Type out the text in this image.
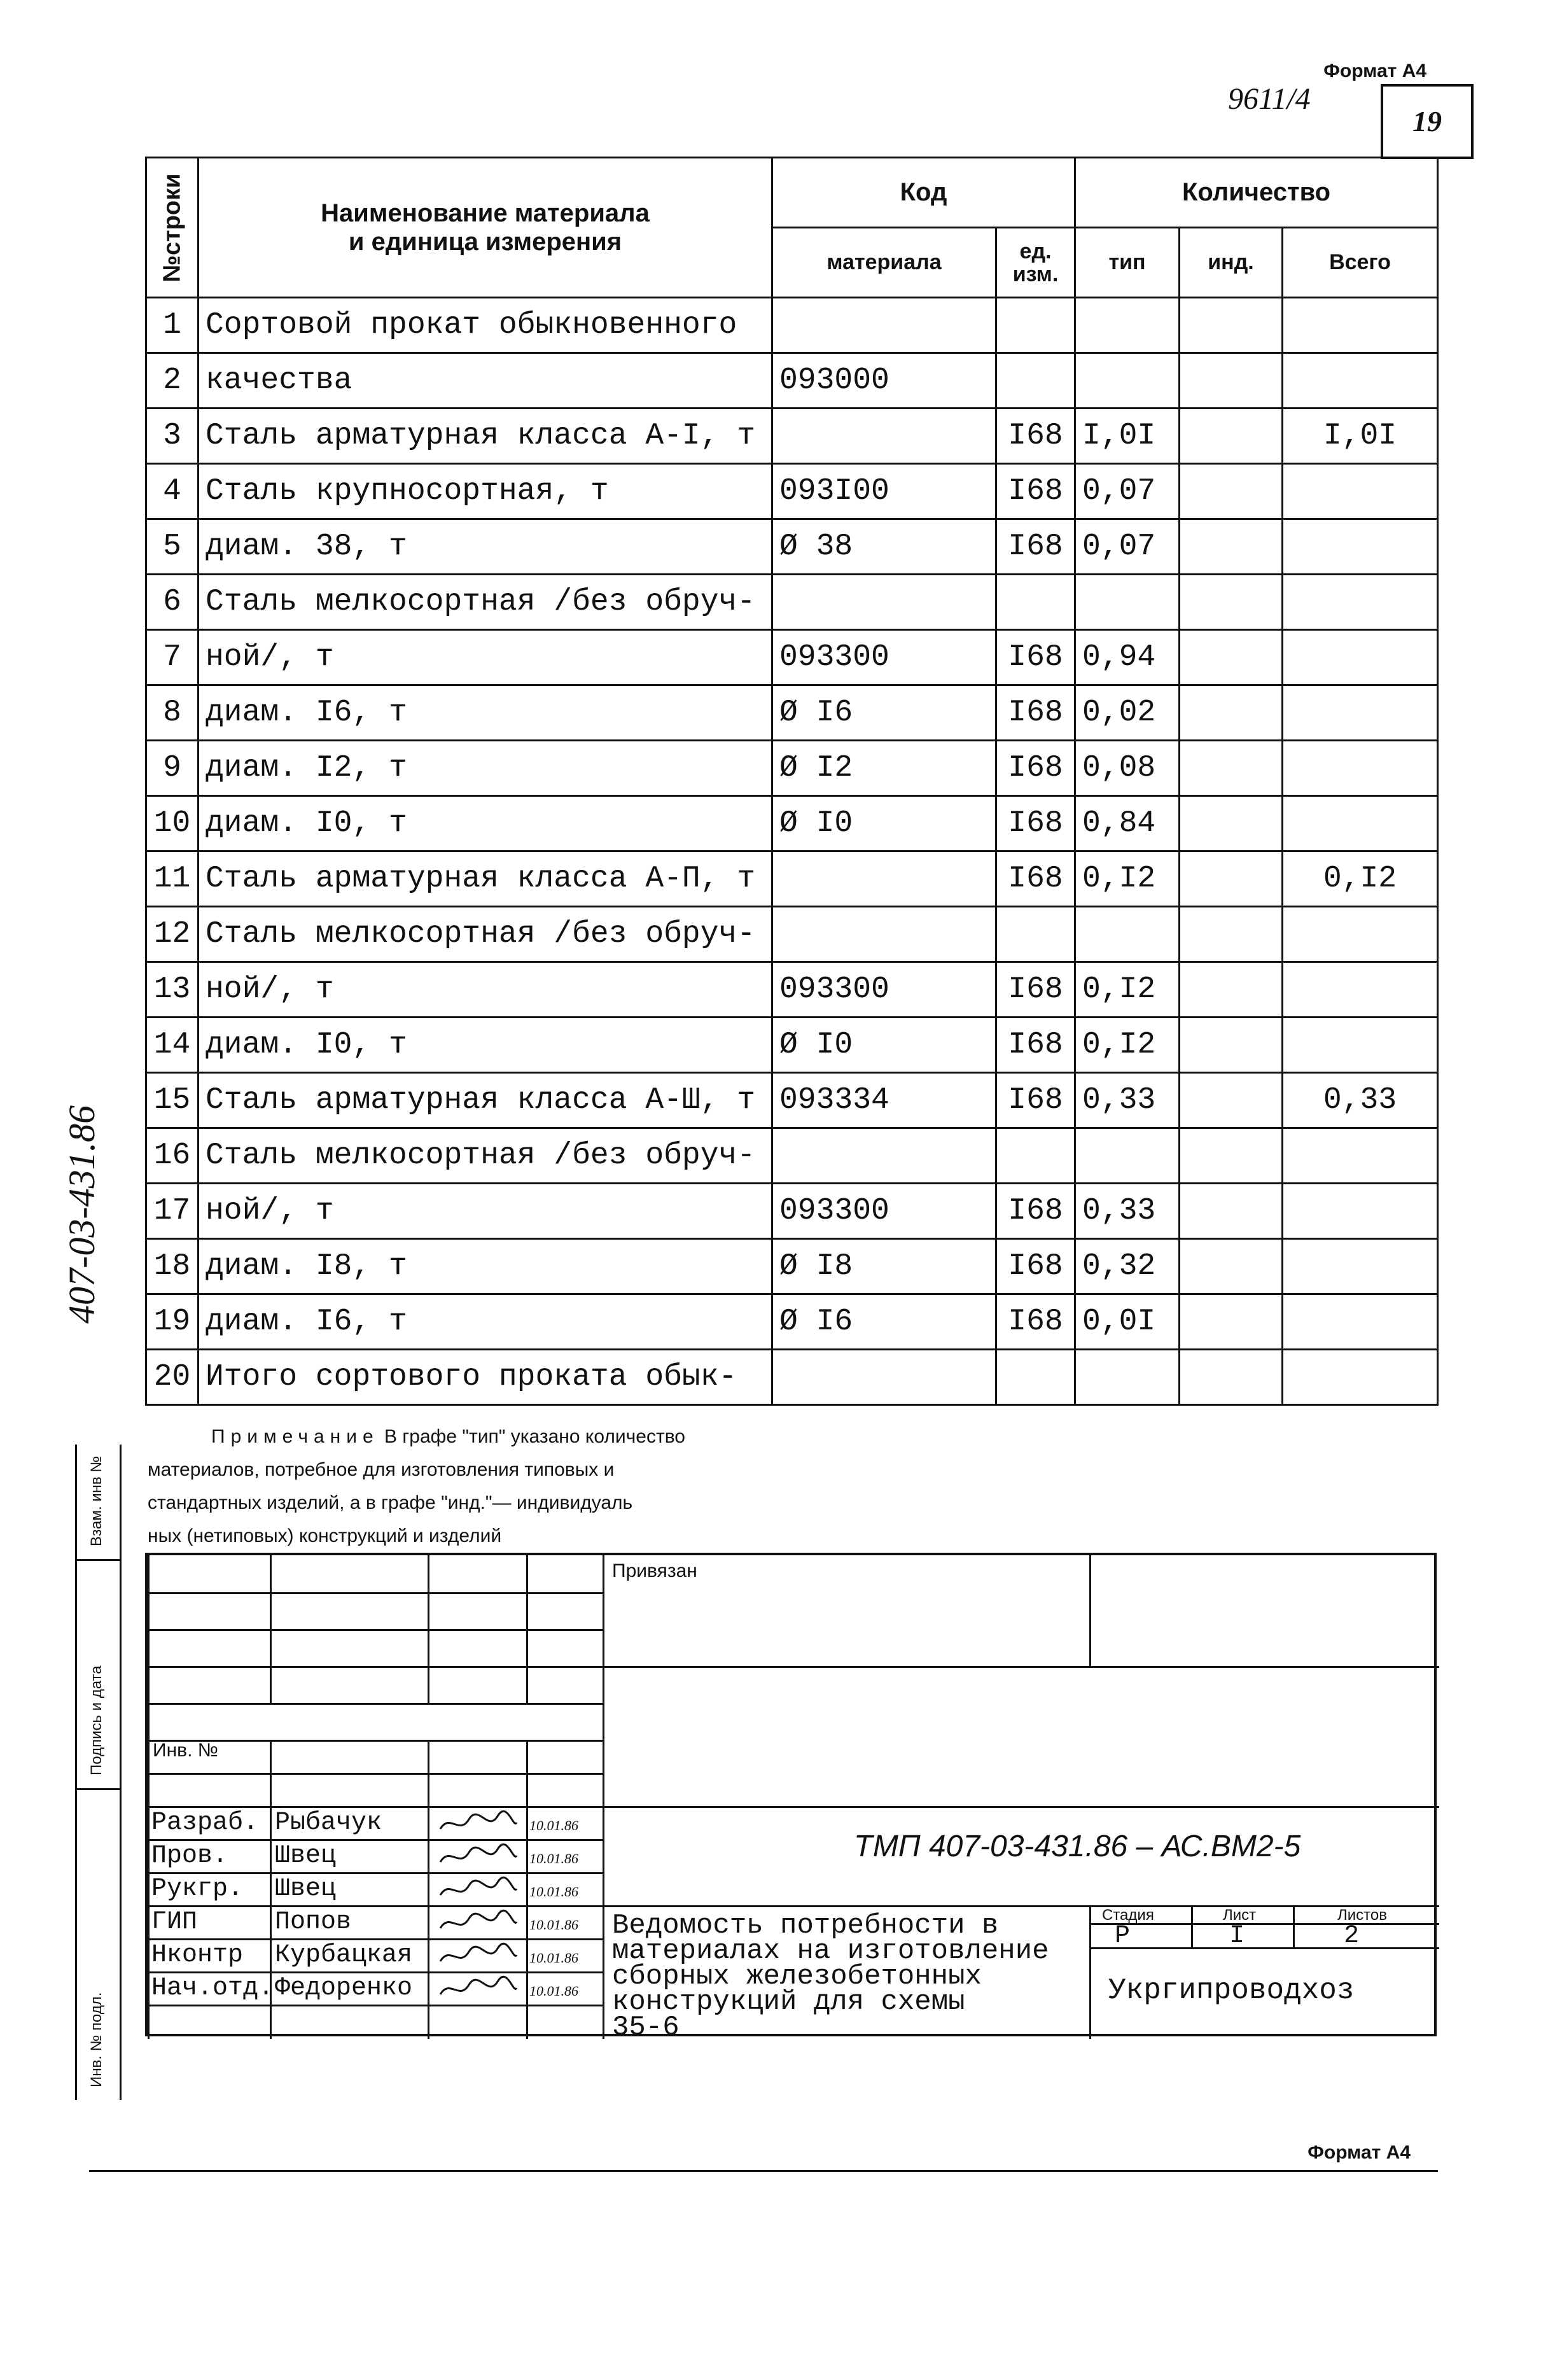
Формат А4
9611/4
19
№строки	Наименование материала
и единица измерения	Код		Количество		
		материала	ед. изм.	тип	инд.	Всего
1	Сортовой прокат обыкновенного					
2	качества	093000				
3	Сталь арматурная класса А-I, т		I68	I,0I		I,0I
4	Сталь крупносортная, т	093I00	I68	0,07		
5	диам. 38, т	Ø 38	I68	0,07		
6	Сталь мелкосортная /без обруч-					
7	ной/, т	093300	I68	0,94		
8	диам. I6, т	Ø I6	I68	0,02		
9	диам. I2, т	Ø I2	I68	0,08		
10	диам. I0, т	Ø I0	I68	0,84		
11	Сталь арматурная класса А-П, т		I68	0,I2		0,I2
12	Сталь мелкосортная /без обруч-					
13	ной/, т	093300	I68	0,I2		
14	диам. I0, т	Ø I0	I68	0,I2		
15	Сталь арматурная класса А-Ш, т	093334	I68	0,33		0,33
16	Сталь мелкосортная /без обруч-					
17	ной/, т	093300	I68	0,33		
18	диам. I8, т	Ø I8	I68	0,32		
19	диам. I6, т	Ø I6	I68	0,0I		
20	Итого сортового проката обык-					
Примечание В графе "тип" указано количество
материалов, потребное для изготовления типовых и
стандартных изделий, а в графе "инд."— индивидуаль
ных (нетиповых) конструкций и изделий
407-03-431.86
Взам. инв №
Подпись и дата
Инв. № подл.
Привязан
Инв. №
Разраб. Рыбачук	10.01.86
Пров. Швец	10.01.86
Рукгр. Швец	10.01.86
ГИП	Попов	10.01.86
Нконтр Курбацкая	10.01.86
Нач.отд. Федоренко	10.01.86
ТМП 407-03-431.86 – АС.ВМ2-5
Ведомость потребности в
материалах на изготовление
сборных железобетонных
конструкций для схемы
35-6
Стадия	Лист	Листов
Р	I	2
Укргипроводхоз
Формат А4
